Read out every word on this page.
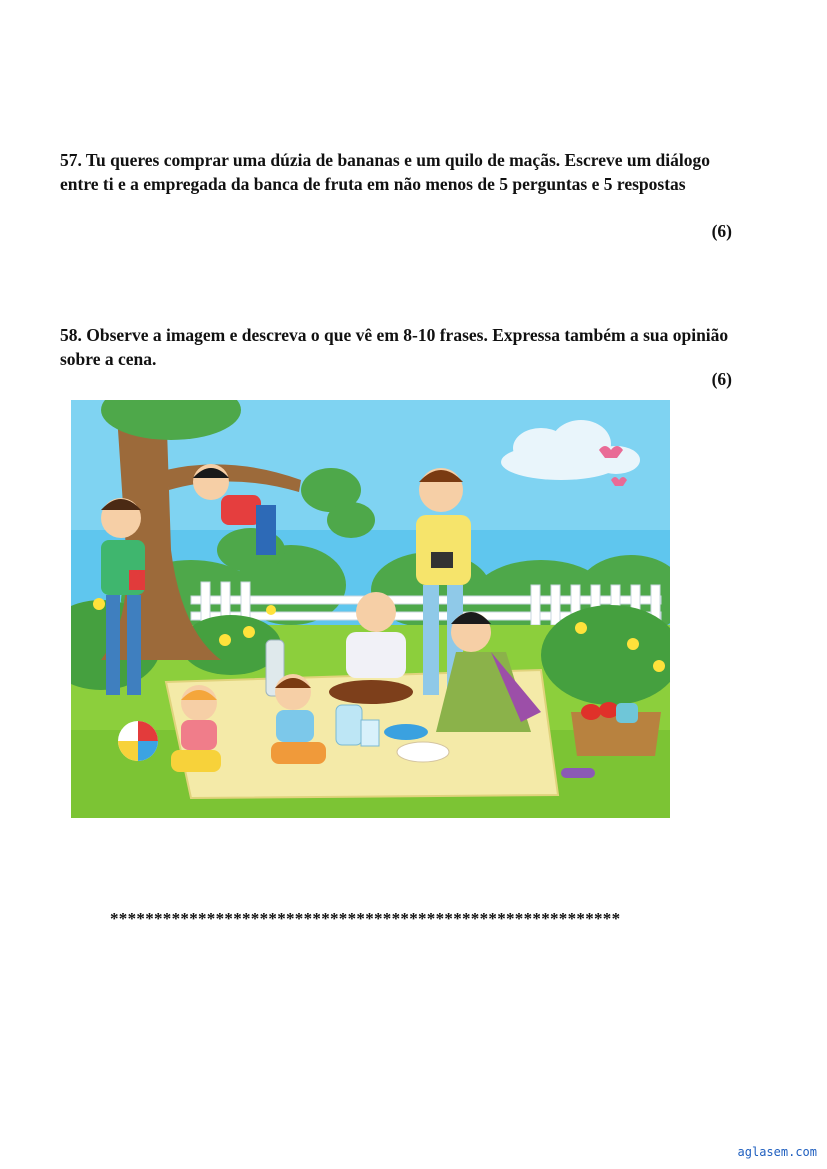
57. Tu queres comprar uma dúzia de bananas e um quilo de maçãs. Escreve um diálogo entre ti e a empregada da banca de fruta em não menos de 5 perguntas e 5 respostas
(6)
58. Observe a imagem e descreva o que vê em 8-10 frases. Expressa também a sua opinião sobre a cena.
(6)
**********************************************************
aglasem.com
